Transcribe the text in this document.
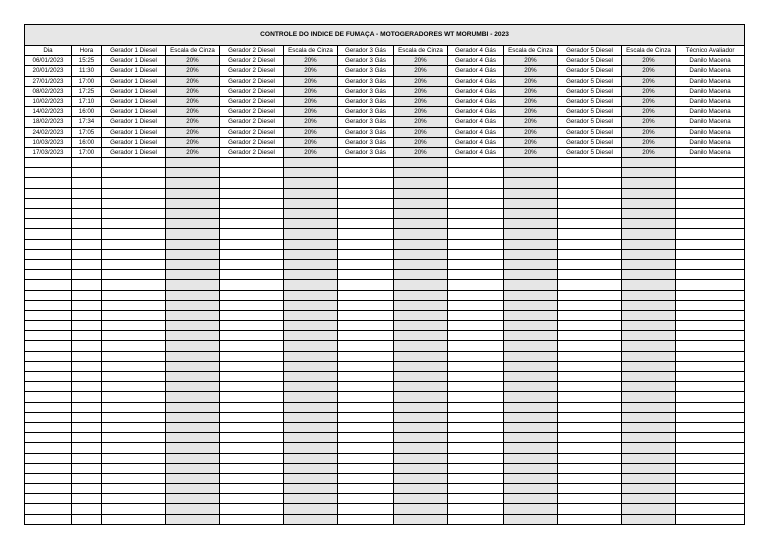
CONTROLE DO INDICE DE FUMAÇA - MOTOGERADORES WT MORUMBI - 2023												
Dia	Hora	Gerador 1 Diesel	Escala de Cinza	Gerador 2 Diesel	Escala de Cinza	Gerador 3 Gás	Escala de Cinza	Gerador 4 Gás	Escala de Cinza	Gerador 5 Diesel	Escala de Cinza	Técnico Avaliador
06/01/2023	15:25	Gerador 1 Diesel	20%	Gerador 2 Diesel	20%	Gerador 3 Gás	20%	Gerador 4 Gás	20%	Gerador 5 Diesel	20%	Danilo Macena
20/01/2023	11:30	Gerador 1 Diesel	20%	Gerador 2 Diesel	20%	Gerador 3 Gás	20%	Gerador 4 Gás	20%	Gerador 5 Diesel	20%	Danilo Macena
27/01/2023	17:00	Gerador 1 Diesel	20%	Gerador 2 Diesel	20%	Gerador 3 Gás	20%	Gerador 4 Gás	20%	Gerador 5 Diesel	20%	Danilo Macena
08/02/2023	17:25	Gerador 1 Diesel	20%	Gerador 2 Diesel	20%	Gerador 3 Gás	20%	Gerador 4 Gás	20%	Gerador 5 Diesel	20%	Danilo Macena
10/02/2023	17:10	Gerador 1 Diesel	20%	Gerador 2 Diesel	20%	Gerador 3 Gás	20%	Gerador 4 Gás	20%	Gerador 5 Diesel	20%	Danilo Macena
14/02/2023	16:00	Gerador 1 Diesel	20%	Gerador 2 Diesel	20%	Gerador 3 Gás	20%	Gerador 4 Gás	20%	Gerador 5 Diesel	20%	Danilo Macena
18/02/2023	17:34	Gerador 1 Diesel	20%	Gerador 2 Diesel	20%	Gerador 3 Gás	20%	Gerador 4 Gás	20%	Gerador 5 Diesel	20%	Danilo Macena
24/02/2023	17:05	Gerador 1 Diesel	20%	Gerador 2 Diesel	20%	Gerador 3 Gás	20%	Gerador 4 Gás	20%	Gerador 5 Diesel	20%	Danilo Macena
10/03/2023	16:00	Gerador 1 Diesel	20%	Gerador 2 Diesel	20%	Gerador 3 Gás	20%	Gerador 4 Gás	20%	Gerador 5 Diesel	20%	Danilo Macena
17/03/2023	17:00	Gerador 1 Diesel	20%	Gerador 2 Diesel	20%	Gerador 3 Gás	20%	Gerador 4 Gás	20%	Gerador 5 Diesel	20%	Danilo Macena
